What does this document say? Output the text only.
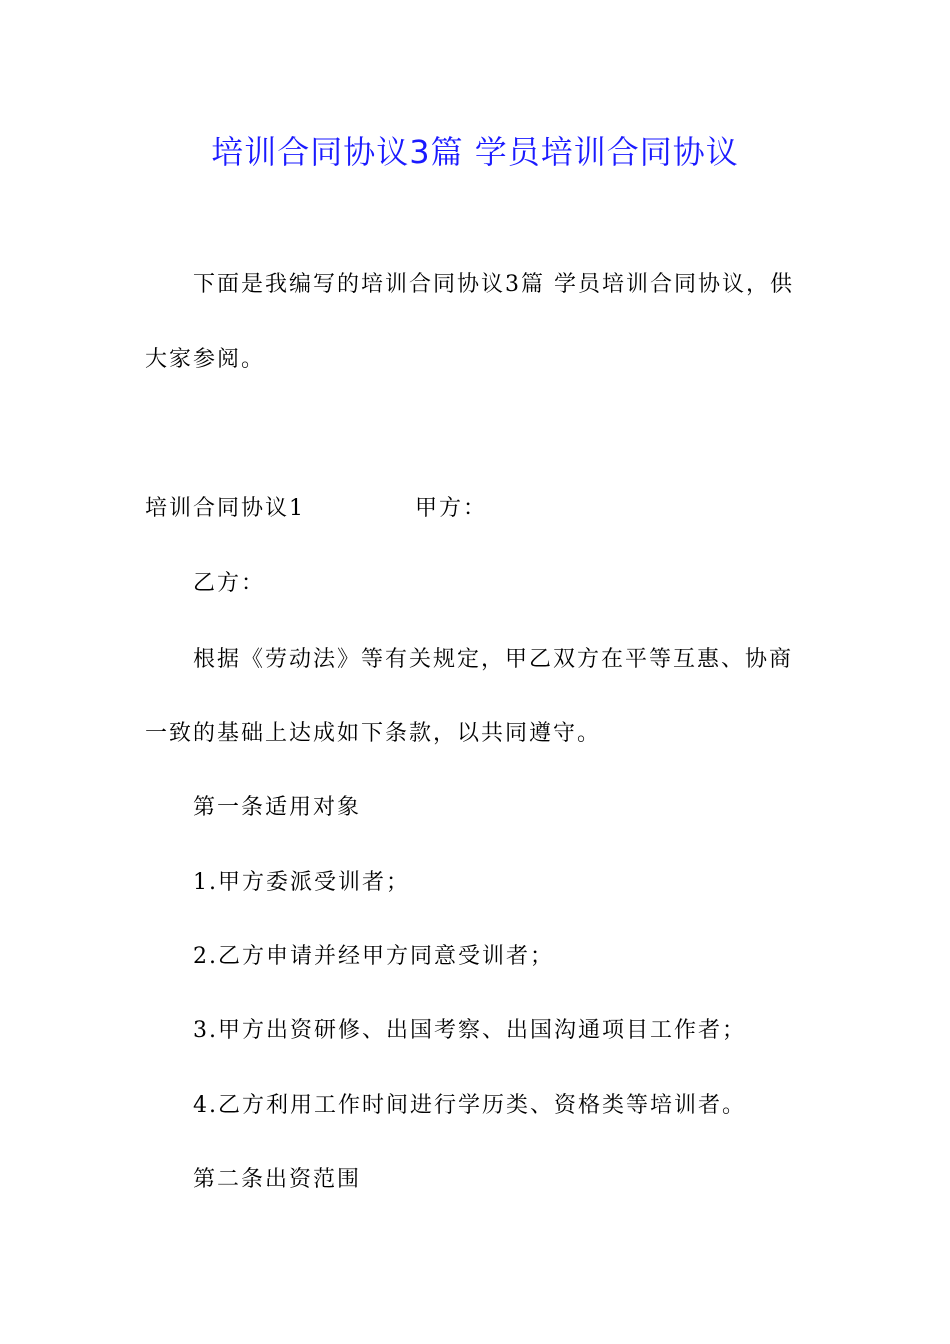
培训合同协议3篇 学员培训合同协议

下面是我编写的培训合同协议3篇 学员培训合同协议，供

大家参阅。

培训合同协议1	甲方：

乙方：

根据《劳动法》等有关规定，甲乙双方在平等互惠、协商

一致的基础上达成如下条款，以共同遵守。

第一条适用对象

1.甲方委派受训者；

2.乙方申请并经甲方同意受训者；

3.甲方出资研修、出国考察、出国沟通项目工作者；

4.乙方利用工作时间进行学历类、资格类等培训者。

第二条出资范围
